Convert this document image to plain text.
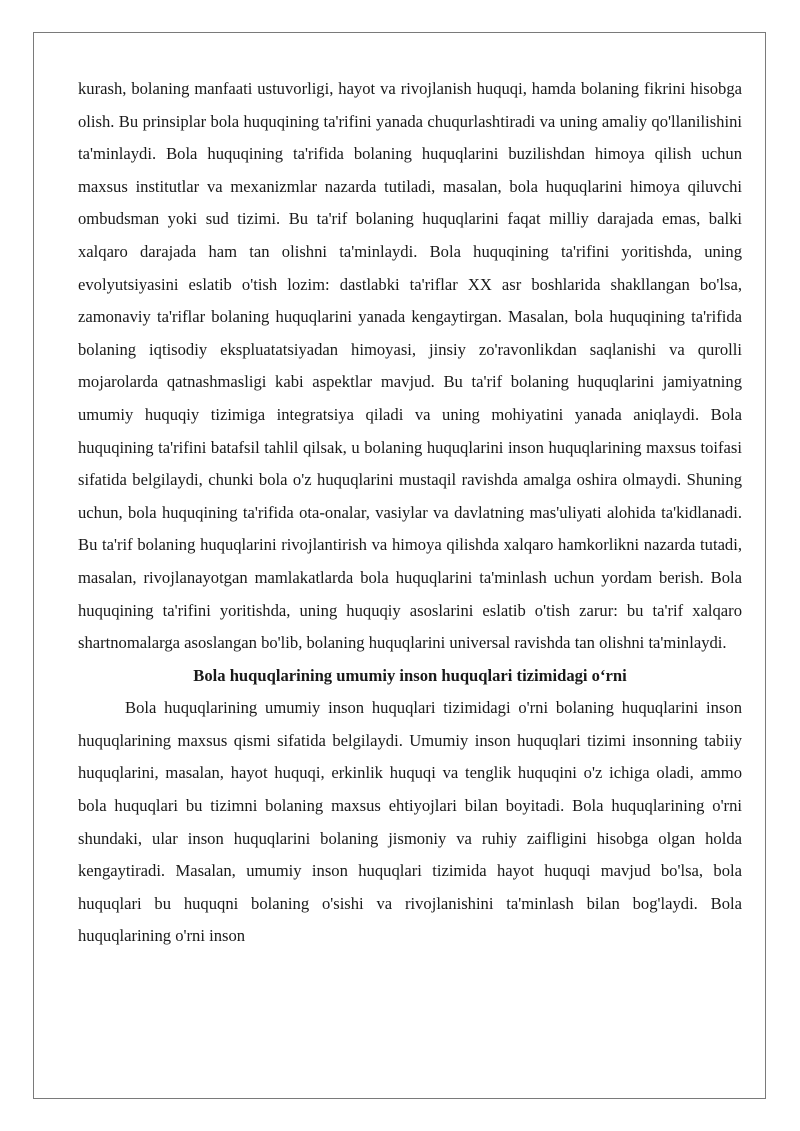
kurash, bolaning manfaati ustuvorligi, hayot va rivojlanish huquqi, hamda bolaning fikrini hisobga olish. Bu prinsiplar bola huquqining ta'rifini yanada chuqurlashtiradi va uning amaliy qo'llanilishini ta'minlaydi. Bola huquqining ta'rifida bolaning huquqlarini buzilishdan himoya qilish uchun maxsus institutlar va mexanizmlar nazarda tutiladi, masalan, bola huquqlarini himoya qiluvchi ombudsman yoki sud tizimi. Bu ta'rif bolaning huquqlarini faqat milliy darajada emas, balki xalqaro darajada ham tan olishni ta'minlaydi. Bola huquqining ta'rifini yoritishda, uning evolyutsiyasini eslatib o'tish lozim: dastlabki ta'riflar XX asr boshlarida shakllangan bo'lsa, zamonaviy ta'riflar bolaning huquqlarini yanada kengaytirgan. Masalan, bola huquqining ta'rifida bolaning iqtisodiy ekspluatatsiyadan himoyasi, jinsiy zo'ravonlikdan saqlanishi va qurolli mojarolarda qatnashmasligi kabi aspektlar mavjud. Bu ta'rif bolaning huquqlarini jamiyatning umumiy huquqiy tizimiga integratsiya qiladi va uning mohiyatini yanada aniqlaydi. Bola huquqining ta'rifini batafsil tahlil qilsak, u bolaning huquqlarini inson huquqlarining maxsus toifasi sifatida belgilaydi, chunki bola o'z huquqlarini mustaqil ravishda amalga oshira olmaydi. Shuning uchun, bola huquqining ta'rifida ota-onalar, vasiylar va davlatning mas'uliyati alohida ta'kidlanadi. Bu ta'rif bolaning huquqlarini rivojlantirish va himoya qilishda xalqaro hamkorlikni nazarda tutadi, masalan, rivojlanayotgan mamlakatlarda bola huquqlarini ta'minlash uchun yordam berish. Bola huquqining ta'rifini yoritishda, uning huquqiy asoslarini eslatib o'tish zarur: bu ta'rif xalqaro shartnomalarga asoslangan bo'lib, bolaning huquqlarini universal ravishda tan olishni ta'minlaydi.

Bola huquqlarining umumiy inson huquqlari tizimidagi o‘rni

Bola huquqlarining umumiy inson huquqlari tizimidagi o'rni bolaning huquqlarini inson huquqlarining maxsus qismi sifatida belgilaydi. Umumiy inson huquqlari tizimi insonning tabiiy huquqlarini, masalan, hayot huquqi, erkinlik huquqi va tenglik huquqini o'z ichiga oladi, ammo bola huquqlari bu tizimni bolaning maxsus ehtiyojlari bilan boyitadi. Bola huquqlarining o'rni shundaki, ular inson huquqlarini bolaning jismoniy va ruhiy zaifligini hisobga olgan holda kengaytiradi. Masalan, umumiy inson huquqlari tizimida hayot huquqi mavjud bo'lsa, bola huquqlari bu huquqni bolaning o'sishi va rivojlanishini ta'minlash bilan bog'laydi. Bola huquqlarining o'rni inson
